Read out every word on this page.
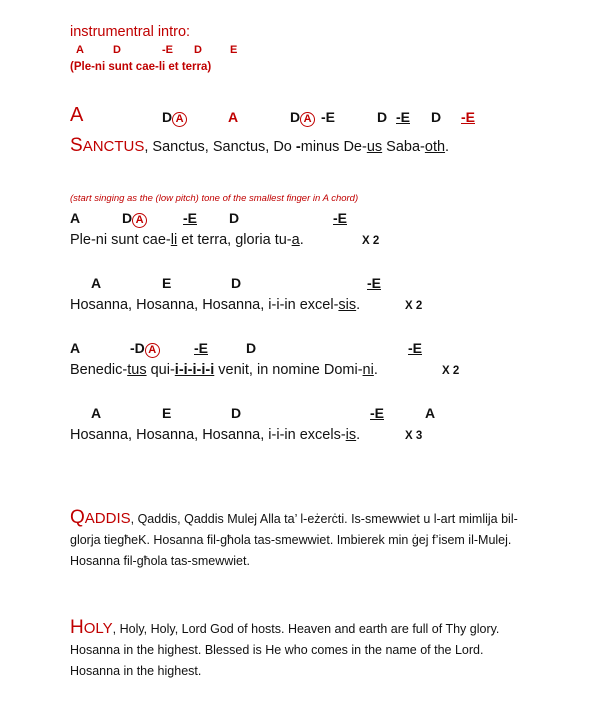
instrumentral intro:
A	D	-E D	E
(Ple-ni sunt cae-li et terra)
A	D A	A	D A -E	D -E D -E
SANCTUS, Sanctus, Sanctus, Do -minus De-us Saba-oth.
(start singing as the (low pitch) tone of the smallest finger in A chord)
A	D A	-E D	-E
Ple-ni sunt cae-li et terra, gloria tu-a.	X 2
A	E	D	-E
Hosanna, Hosanna, Hosanna, i-i-in excel-sis.	X 2
A	-D A	-E	D	-E
Benedic-tus qui-i-i-i-i-i venit, in nomine Domi-ni.	X 2
A	E	D	-E	A
Hosanna, Hosanna, Hosanna, i-i-in excels-is.	X 3
QADDIS, Qaddis, Qaddis Mulej Alla ta’ l-eżerċti. Is-smewwiet u l-art mimlija bil-glorja tiegħeK. Hosanna fil-għola tas-smewwiet. Imbierek min ġej f’isem il-Mulej. Hosanna fil-għola tas-smewwiet.
HOLY, Holy, Holy, Lord God of hosts. Heaven and earth are full of Thy glory. Hosanna in the highest. Blessed is He who comes in the name of the Lord. Hosanna in the highest.
